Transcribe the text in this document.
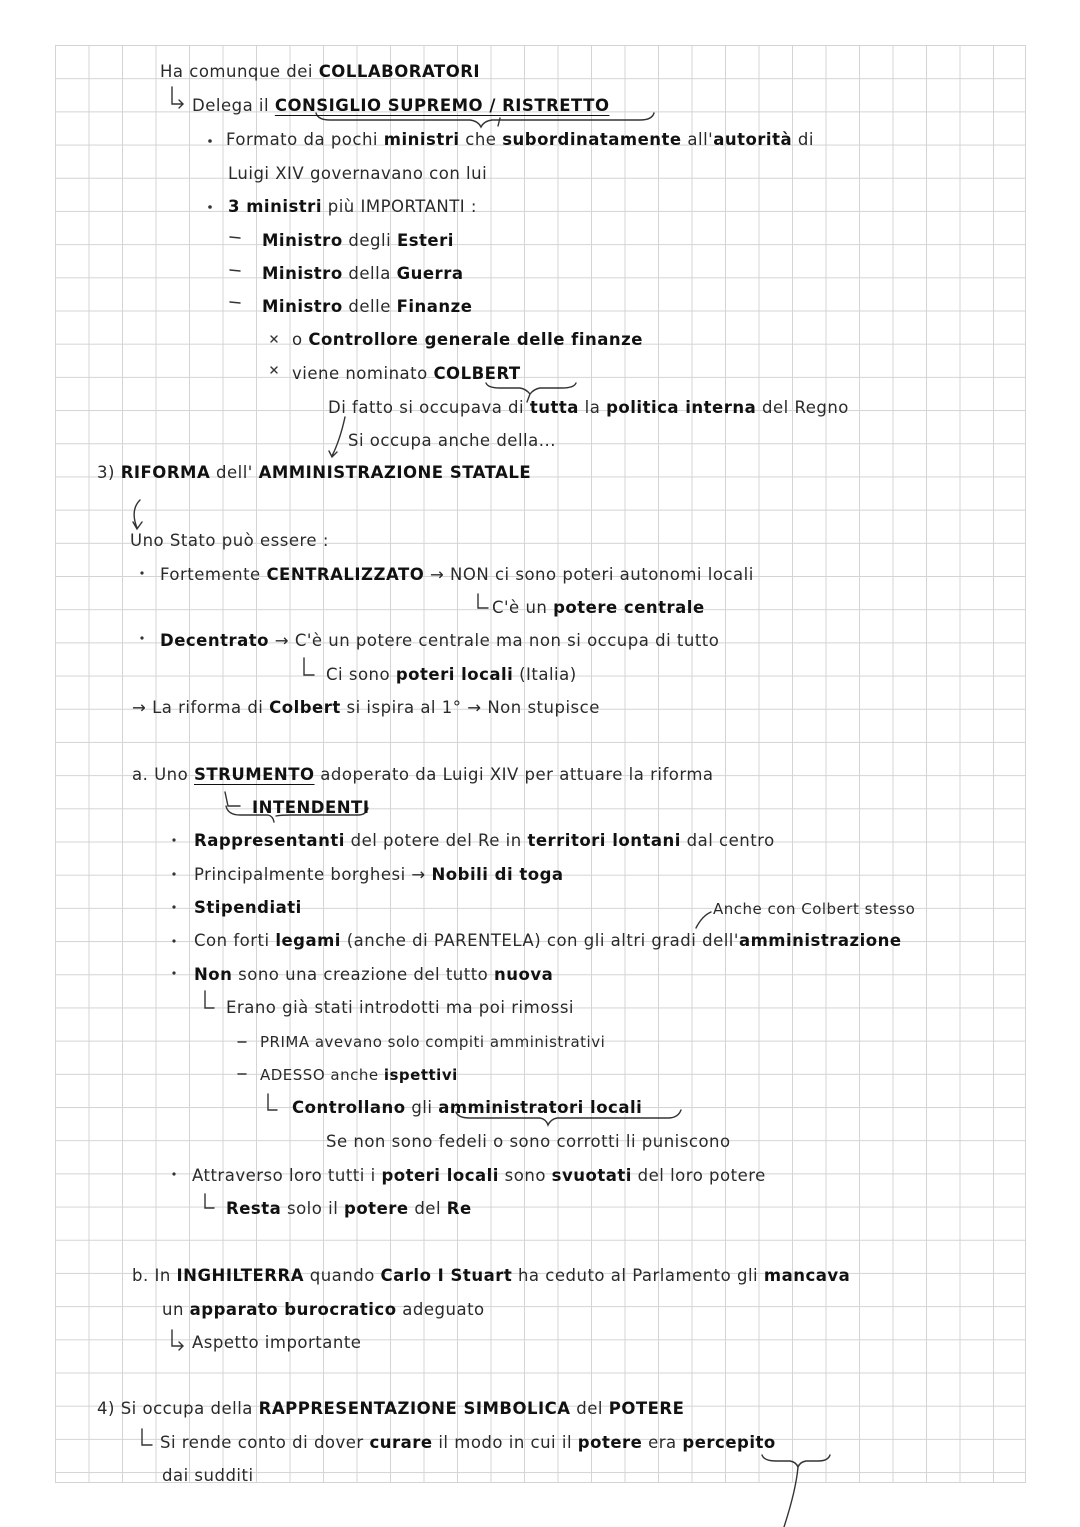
Ha comunque dei COLLABORATORI
Delega il CONSIGLIO SUPREMO / RISTRETTO
Formato da pochi ministri che subordinatamente all'autorità di
Luigi XIV governavano con lui
3 ministri più IMPORTANTI :
Ministro degli Esteri
Ministro della Guerra
Ministro delle Finanze
o Controllore generale delle finanze
viene nominato COLBERT
Di fatto si occupava di tutta la politica interna del Regno
Si occupa anche della...
3) RIFORMA dell' AMMINISTRAZIONE STATALE
Uno Stato può essere :
Fortemente CENTRALIZZATO → NON ci sono poteri autonomi locali
C'è un potere centrale
Decentrato → C'è un potere centrale ma non si occupa di tutto
Ci sono poteri locali (Italia)
→ La riforma di Colbert si ispira al 1° → Non stupisce
a. Uno STRUMENTO adoperato da Luigi XIV per attuare la riforma
INTENDENTI
Rappresentanti del potere del Re in territori lontani dal centro
Principalmente borghesi → Nobili di toga
Stipendiati	Anche con Colbert stesso
Con forti legami (anche di PARENTELA) con gli altri gradi dell'amministrazione
Non sono una creazione del tutto nuova
Erano già stati introdotti ma poi rimossi
PRIMA avevano solo compiti amministrativi
ADESSO anche ispettivi
Controllano gli amministratori locali
Se non sono fedeli o sono corrotti li puniscono
Attraverso loro tutti i poteri locali sono svuotati del loro potere
Resta solo il potere del Re
b. In INGHILTERRA quando Carlo I Stuart ha ceduto al Parlamento gli mancava
un apparato burocratico adeguato
Aspetto importante
4) Si occupa della RAPPRESENTAZIONE SIMBOLICA del POTERE
Si rende conto di dover curare il modo in cui il potere era percepito
dai sudditi
